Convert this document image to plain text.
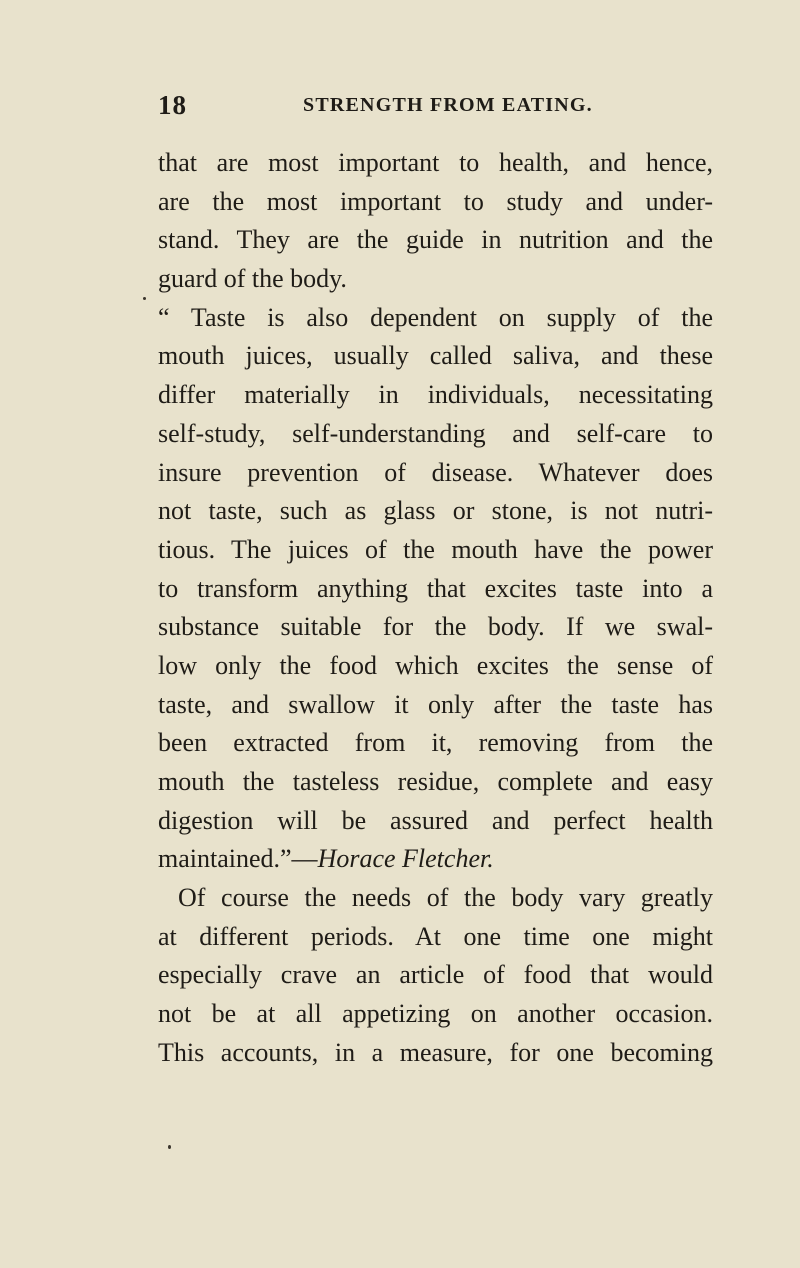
18	STRENGTH FROM EATING.
that are most important to health, and hence,
are the most important to study and under-
stand. They are the guide in nutrition and the
guard of the body.
“ Taste is also dependent on supply of the
mouth juices, usually called saliva, and these
differ materially in individuals, necessitating
self-study, self-understanding and self-care to
insure prevention of disease. Whatever does
not taste, such as glass or stone, is not nutri-
tious. The juices of the mouth have the power
to transform anything that excites taste into a
substance suitable for the body. If we swal-
low only the food which excites the sense of
taste, and swallow it only after the taste has
been extracted from it, removing from the
mouth the tasteless residue, complete and easy
digestion will be assured and perfect health
maintained.”—Horace Fletcher.
Of course the needs of the body vary greatly
at different periods. At one time one might
especially crave an article of food that would
not be at all appetizing on another occasion.
This accounts, in a measure, for one becoming
